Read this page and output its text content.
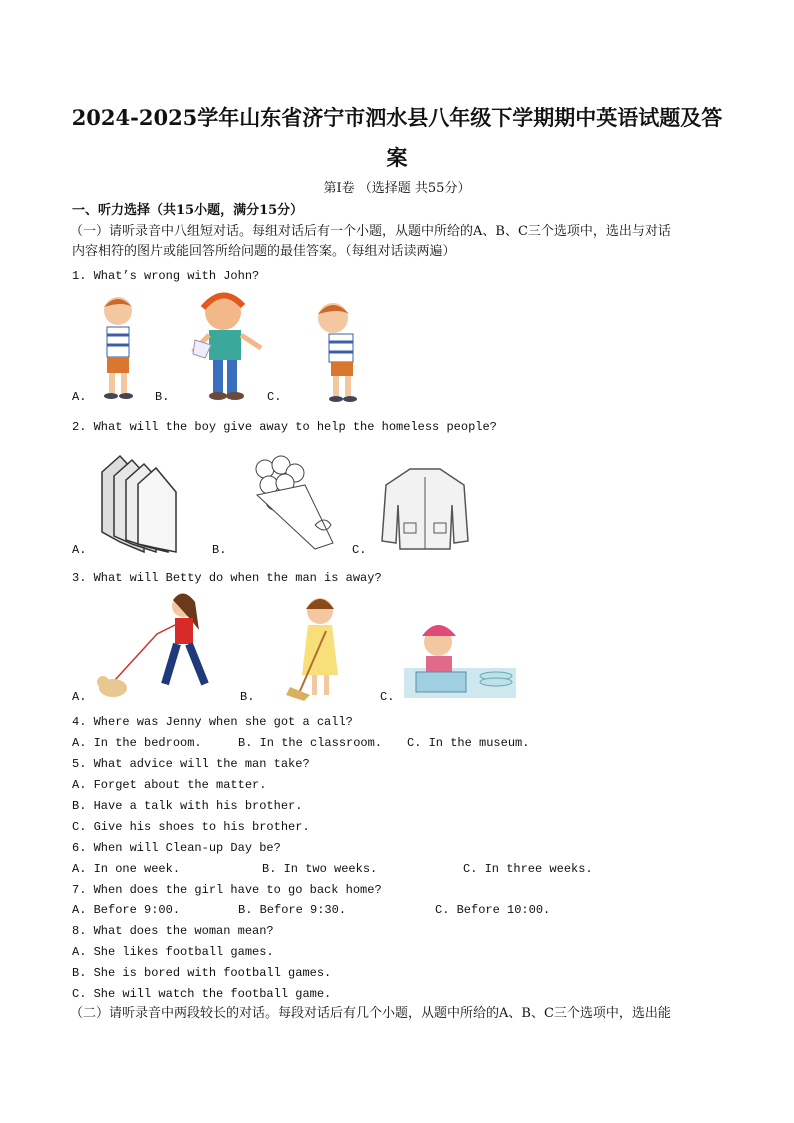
2024-2025学年山东省济宁市泗水县八年级下学期期中英语试题及答
案
第I卷 （选择题 共55分）
一、听力选择（共15小题，满分15分）
（一）请听录音中八组短对话。每组对话后有一个小题，从题中所给的A、B、C三个选项中，选出与对话
内容相符的图片或能回答所给问题的最佳答案。（每组对话读两遍）
1. What’s wrong with John?
A.	B.	C.
2. What will the boy give away to help the homeless people?
A.	B.	C.
3. What will Betty do when the man is away?
A.	B.	C.
4. Where was Jenny when she got a call?
A. In the bedroom.	B. In the classroom. C. In the museum.
5. What advice will the man take?
A. Forget about the matter.
B. Have a talk with his brother.
C. Give his shoes to his brother.
6. When will Clean-up Day be?
A. In one week.	B. In two weeks.	C. In three weeks.
7. When does the girl have to go back home?
A. Before 9:00.	B. Before 9:30.	C. Before 10:00.
8. What does the woman mean?
A. She likes football games.
B. She is bored with football games.
C. She will watch the football game.
（二）请听录音中两段较长的对话。每段对话后有几个小题，从题中所给的A、B、C三个选项中，选出能
